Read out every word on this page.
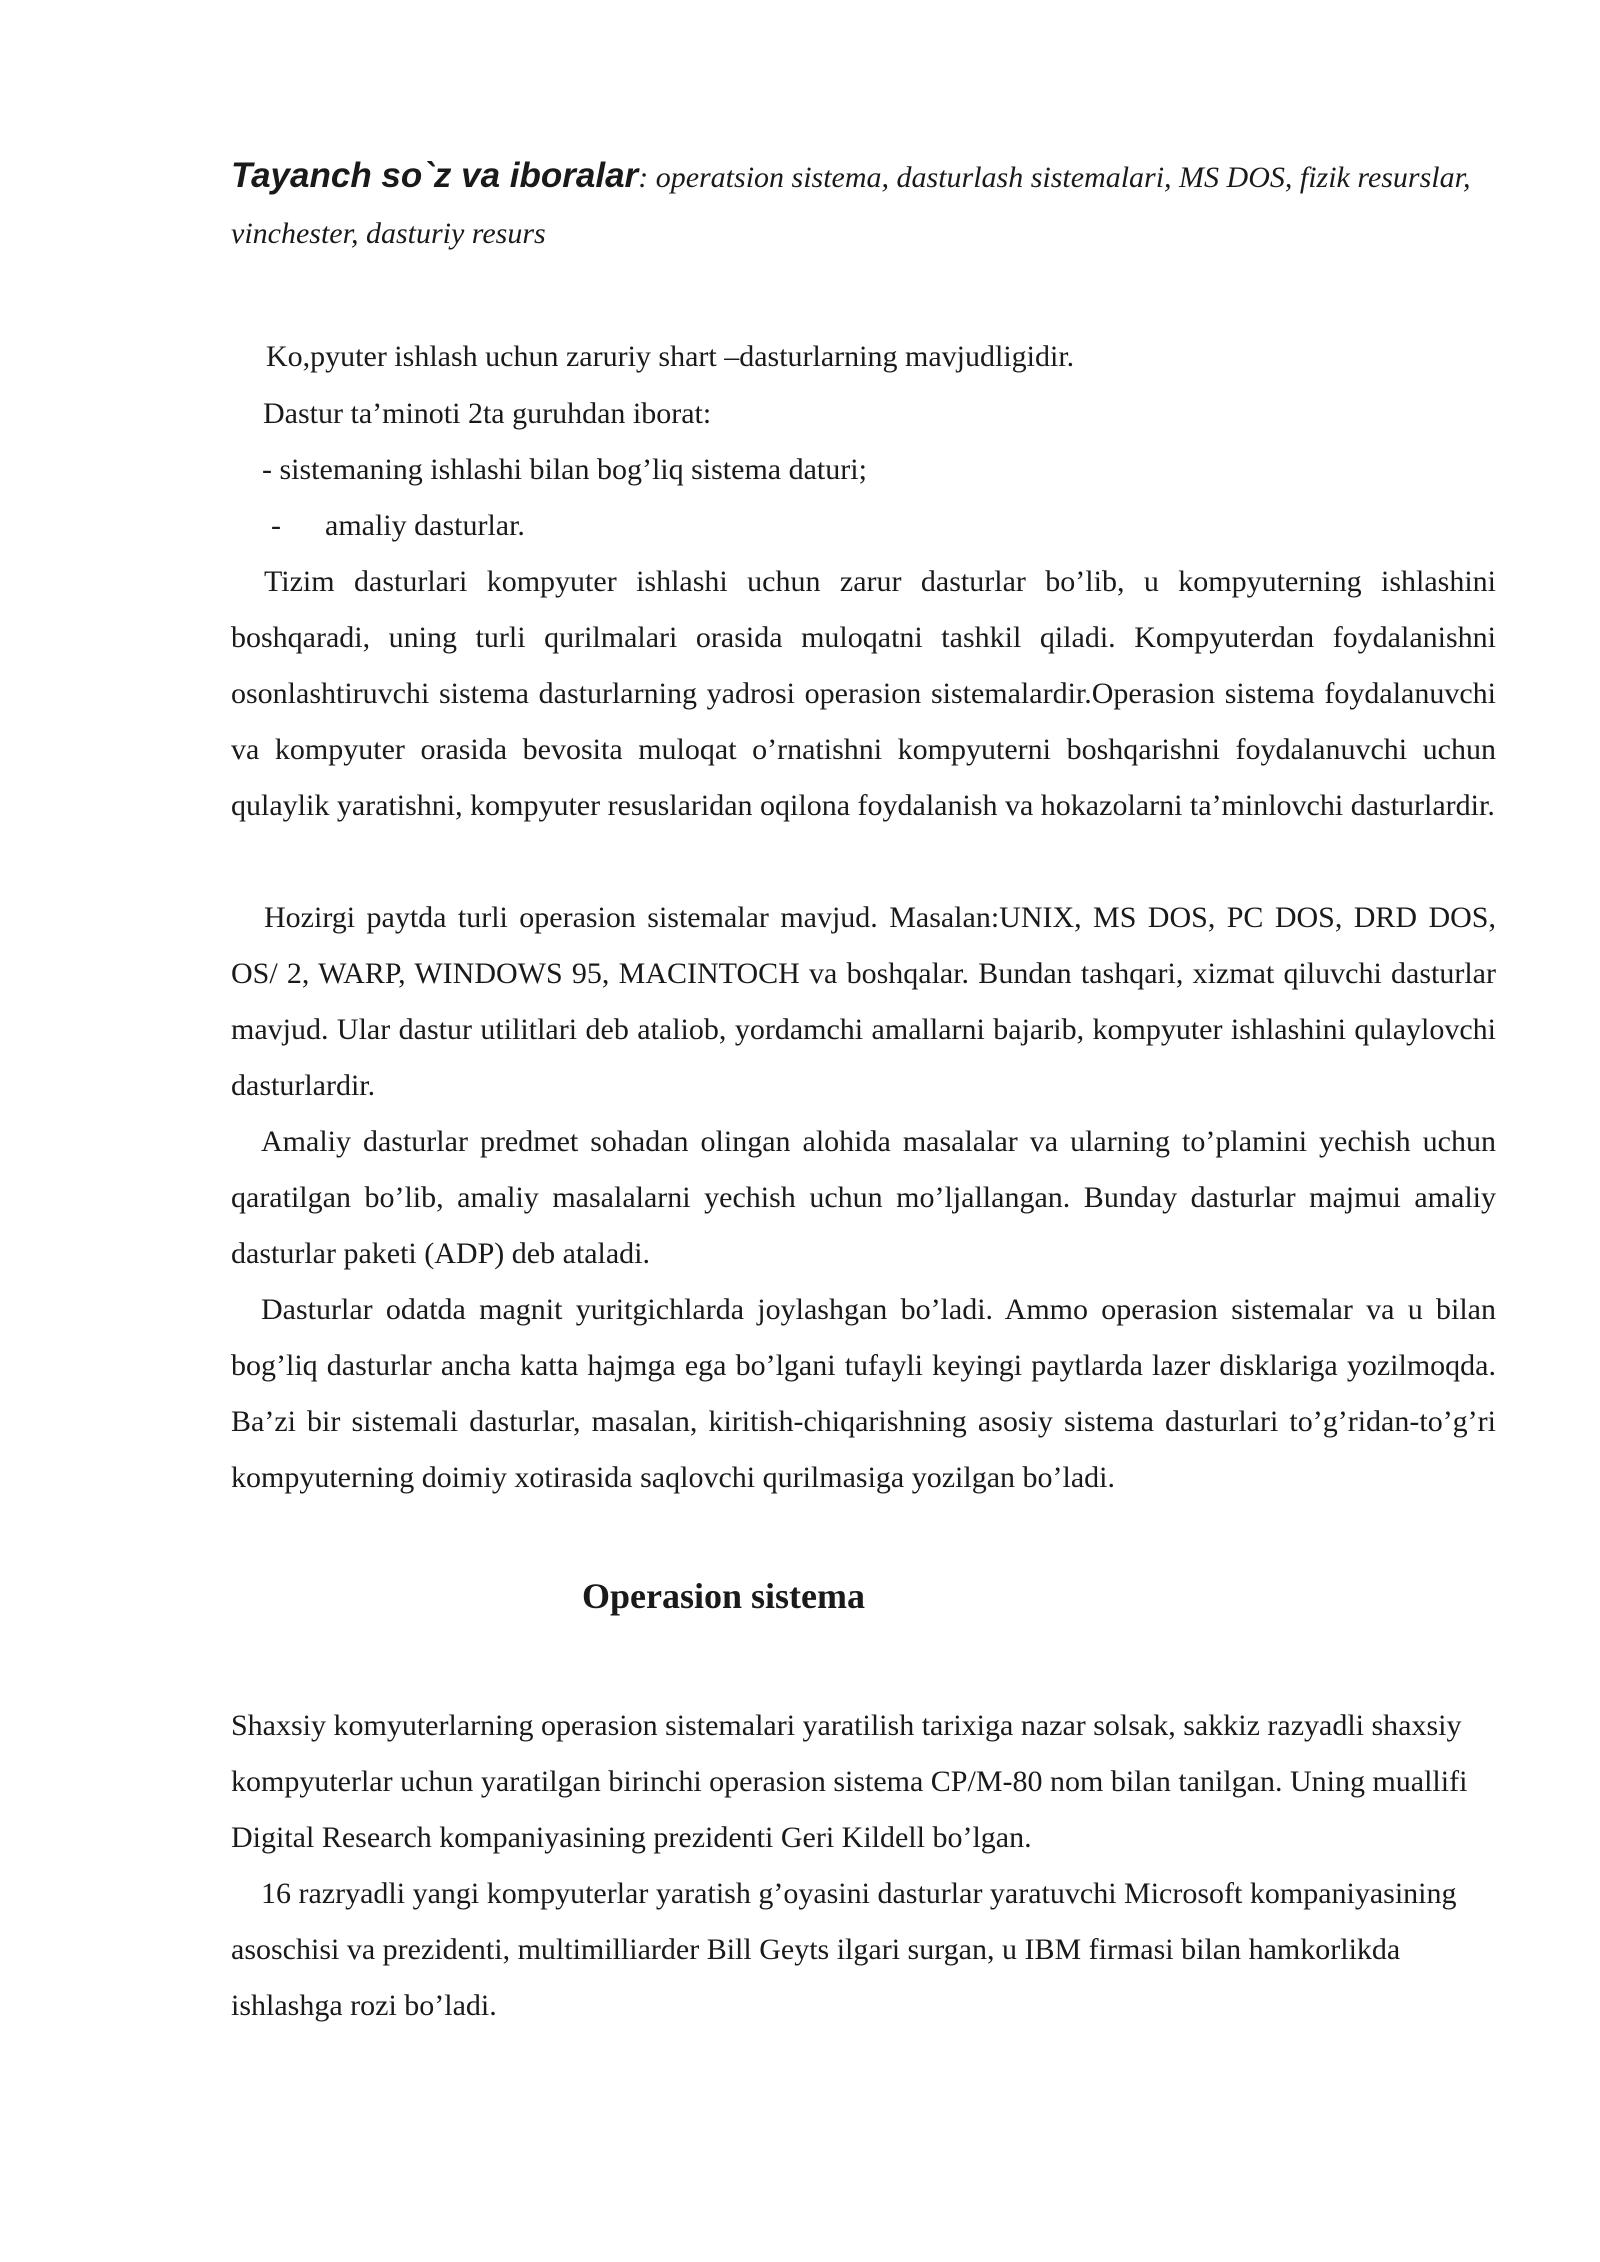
Tayanch so`z va iboralar: operatsion sistema, dasturlash sistemalari, MS DOS, fizik resurslar, vinchester, dasturiy resurs

Ko,pyuter ishlash uchun zaruriy shart –dasturlarning mavjudligidir.

Dastur ta’minoti 2ta guruhdan iborat:

- sistemaning ishlashi bilan bog’liq sistema daturi;

- amaliy dasturlar.

Tizim dasturlari kompyuter ishlashi uchun zarur dasturlar bo’lib, u kompyuterning ishlashini boshqaradi, uning turli qurilmalari orasida muloqatni tashkil qiladi. Kompyuterdan foydalanishni osonlashtiruvchi sistema dasturlarning yadrosi operasion sistemalardir.Operasion sistema foydalanuvchi va kompyuter orasida bevosita muloqat o’rnatishni kompyuterni boshqarishni foydalanuvchi uchun qulaylik yaratishni, kompyuter resuslaridan oqilona foydalanish va hokazolarni ta’minlovchi dasturlardir.

Hozirgi paytda turli operasion sistemalar mavjud. Masalan:UNIX, MS DOS, PC DOS, DRD DOS, OS/ 2, WARP, WINDOWS 95, MACINTOCH va boshqalar. Bundan tashqari, xizmat qiluvchi dasturlar mavjud. Ular dastur utilitlari deb ataliob, yordamchi amallarni bajarib, kompyuter ishlashini qulaylovchi dasturlardir.

Amaliy dasturlar predmet sohadan olingan alohida masalalar va ularning to’plamini yechish uchun qaratilgan bo’lib, amaliy masalalarni yechish uchun mo’ljallangan. Bunday dasturlar majmui amaliy dasturlar paketi (ADP) deb ataladi.

Dasturlar odatda magnit yuritgichlarda joylashgan bo’ladi. Ammo operasion sistemalar va u bilan bog’liq dasturlar ancha katta hajmga ega bo’lgani tufayli keyingi paytlarda lazer disklariga yozilmoqda. Ba’zi bir sistemali dasturlar, masalan, kiritish-chiqarishning asosiy sistema dasturlari to’g’ridan-to’g’ri kompyuterning doimiy xotirasida saqlovchi qurilmasiga yozilgan bo’ladi.

Operasion sistema

Shaxsiy komyuterlarning operasion sistemalari yaratilish tarixiga nazar solsak, sakkiz razyadli shaxsiy kompyuterlar uchun yaratilgan birinchi operasion sistema CP/M-80 nom bilan tanilgan. Uning muallifi Digital Research kompaniyasining prezidenti Geri Kildell bo’lgan.

16 razryadli yangi kompyuterlar yaratish g’oyasini dasturlar yaratuvchi Microsoft kompaniyasining asoschisi va prezidenti, multimilliarder Bill Geyts ilgari surgan, u IBM firmasi bilan hamkorlikda ishlashga rozi bo’ladi.
